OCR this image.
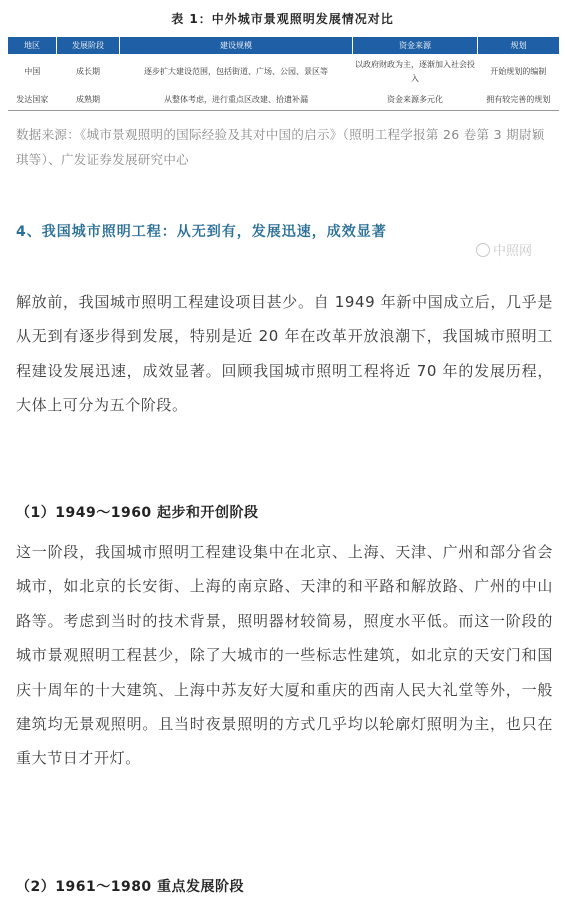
表 1：中外城市景观照明发展情况对比
地区	发展阶段	建设规模	资金来源	规划
中国	成长期	逐步扩大建设范围，包括街道、广场、公园、景区等	以政府财政为主，逐渐加入社会投入	开始规划的编制
发达国家	成熟期	从整体考虑，进行重点区改建、拾遗补漏	资金来源多元化	拥有较完善的规划
数据来源：《城市景观照明的国际经验及其对中国的启示》（照明工程学报第 26 卷第 3 期尉颖琪等）、广发证券发展研究中心
4、我国城市照明工程：从无到有，发展迅速，成效显著
中照网
解放前，我国城市照明工程建设项目甚少。自 1949 年新中国成立后，几乎是从无到有逐步得到发展，特别是近 20 年在改革开放浪潮下，我国城市照明工程建设发展迅速，成效显著。回顾我国城市照明工程将近 70 年的发展历程，大体上可分为五个阶段。
（1）1949～1960 起步和开创阶段
这一阶段，我国城市照明工程建设集中在北京、上海、天津、广州和部分省会城市，如北京的长安街、上海的南京路、天津的和平路和解放路、广州的中山路等。考虑到当时的技术背景，照明器材较简易，照度水平低。而这一阶段的城市景观照明工程甚少，除了大城市的一些标志性建筑，如北京的天安门和国庆十周年的十大建筑、上海中苏友好大厦和重庆的西南人民大礼堂等外，一般建筑均无景观照明。且当时夜景照明的方式几乎均以轮廓灯照明为主，也只在重大节日才开灯。
（2）1961～1980 重点发展阶段
